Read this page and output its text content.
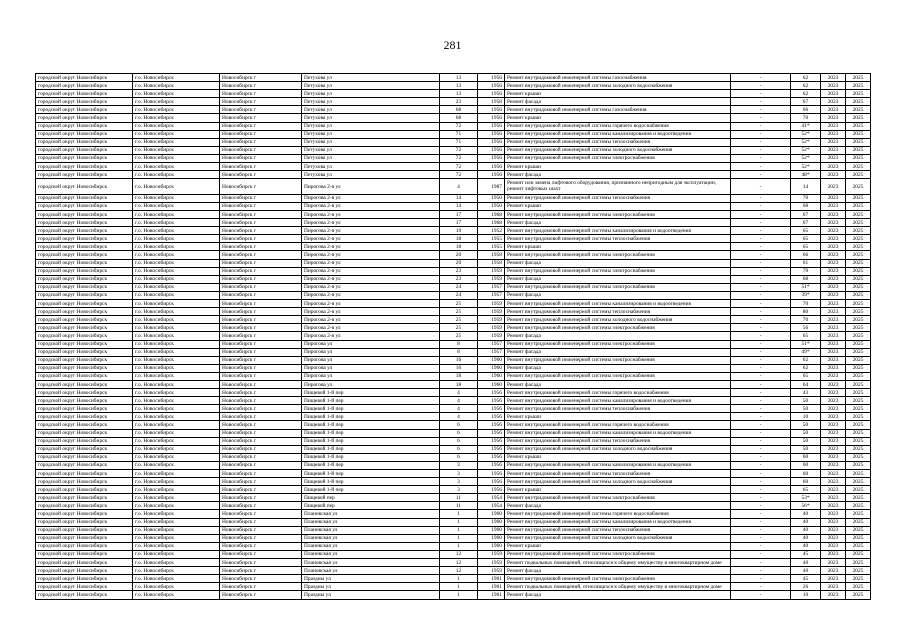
281
городской округ Новосибирск	г.о. Новосибирск	Новосибирск г	Петухова ул	13	1956	Ремонт внутридомовой инженерной системы газоснабжения	-	62	2023	2025
городской округ Новосибирск	г.о. Новосибирск	Новосибирск г	Петухова ул	13	1956	Ремонт внутридомовой инженерной системы холодного водоснабжения	-	62	2023	2025
городской округ Новосибирск	г.о. Новосибирск	Новосибирск г	Петухова ул	13	1956	Ремонт крыши	-	62	2023	2025
городской округ Новосибирск	г.о. Новосибирск	Новосибирск г	Петухова ул	23	1958	Ремонт фасада	-	67	2023	2025
городской округ Новосибирск	г.о. Новосибирск	Новосибирск г	Петухова ул	68	1956	Ремонт внутридомовой инженерной системы газоснабжения	-	66	2023	2025
городской округ Новосибирск	г.о. Новосибирск	Новосибирск г	Петухова ул	68	1956	Ремонт крыши	-	70	2023	2025
городской округ Новосибирск	г.о. Новосибирск	Новосибирск г	Петухова ул	72	1956	Ремонт внутридомовой инженерной системы горячего водоснабжения	-	41*	2023	2025
городской округ Новосибирск	г.о. Новосибирск	Новосибирск г	Петухова ул	71	1956	Ремонт внутридомовой инженерной системы канализирования и водоотведения	-	52*	2023	2025
городской округ Новосибирск	г.о. Новосибирск	Новосибирск г	Петухова ул	71	1956	Ремонт внутридомовой инженерной системы теплоснабжения	-	52*	2023	2025
городской округ Новосибирск	г.о. Новосибирск	Новосибирск г	Петухова ул	72	1956	Ремонт внутридомовой инженерной системы холодного водоснабжения	-	52*	2023	2025
городской округ Новосибирск	г.о. Новосибирск	Новосибирск г	Петухова ул	72	1956	Ремонт внутридомовой инженерной системы электроснабжения	-	52*	2023	2025
городской округ Новосибирск	г.о. Новосибирск	Новосибирск г	Петухова ул	72	1956	Ремонт крыши	-	52*	2023	2025
городской округ Новосибирск	г.о. Новосибирск	Новосибирск г	Петухова ул	72	1956	Ремонт фасада	-	48*	2023	2025
городской округ Новосибирск	г.о. Новосибирск	Новосибирск г	Пирогова 2-я ул	4	1987	Ремонт или замена лифтового оборудования, признанного непригодным для эксплуатации, ремонт лифтовых шахт	-	14	2023	2025
городской округ Новосибирск	г.о. Новосибирск	Новосибирск г	Пирогова 2-я ул	14	1950	Ремонт внутридомовой инженерной системы теплоснабжения	-	70	2023	2025
городской округ Новосибирск	г.о. Новосибирск	Новосибирск г	Пирогова 2-я ул	14	1950	Ремонт крыши	-	68	2023	2025
городской округ Новосибирск	г.о. Новосибирск	Новосибирск г	Пирогова 2-я ул	17	1968	Ремонт внутридомовой инженерной системы электроснабжения	-	67	2023	2025
городской округ Новосибирск	г.о. Новосибирск	Новосибирск г	Пирогова 2-я ул	17	1968	Ремонт фасада	-	67	2023	2025
городской округ Новосибирск	г.о. Новосибирск	Новосибирск г	Пирогова 2-я ул	19	1952	Ремонт внутридомовой инженерной системы канализирования и водоотведения	-	65	2023	2025
городской округ Новосибирск	г.о. Новосибирск	Новосибирск г	Пирогова 2-я ул	18	1955	Ремонт внутридомовой инженерной системы теплоснабжения	-	65	2023	2025
городской округ Новосибирск	г.о. Новосибирск	Новосибирск г	Пирогова 2-я ул	18	1955	Ремонт крыши	-	65	2023	2025
городской округ Новосибирск	г.о. Новосибирск	Новосибирск г	Пирогова 2-я ул	20	1958	Ремонт внутридомовой инженерной системы электроснабжения	-	66	2023	2025
городской округ Новосибирск	г.о. Новосибирск	Новосибирск г	Пирогова 2-я ул	20	1958	Ремонт фасада	-	61	2023	2025
городской округ Новосибирск	г.о. Новосибирск	Новосибирск г	Пирогова 2-я ул	23	1959	Ремонт внутридомовой инженерной системы электроснабжения	-	70	2023	2025
городской округ Новосибирск	г.о. Новосибирск	Новосибирск г	Пирогова 2-я ул	23	1959	Ремонт фасада	-	68	2023	2025
городской округ Новосибирск	г.о. Новосибирск	Новосибирск г	Пирогова 2-я ул	24	1957	Ремонт внутридомовой инженерной системы электроснабжения	-	51*	2023	2025
городской округ Новосибирск	г.о. Новосибирск	Новосибирск г	Пирогова 2-я ул	24	1957	Ремонт фасада	-	39*	2023	2025
городской округ Новосибирск	г.о. Новосибирск	Новосибирск г	Пирогова 2-я ул	25	1959	Ремонт внутридомовой инженерной системы канализирования и водоотведения	-	70	2023	2025
городской округ Новосибирск	г.о. Новосибирск	Новосибирск г	Пирогова 2-я ул	25	1959	Ремонт внутридомовой инженерной системы теплоснабжения	-	80	2023	2025
городской округ Новосибирск	г.о. Новосибирск	Новосибирск г	Пирогова 2-я ул	25	1959	Ремонт внутридомовой инженерной системы холодного водоснабжения	-	70	2023	2025
городской округ Новосибирск	г.о. Новосибирск	Новосибирск г	Пирогова 2-я ул	25	1959	Ремонт внутридомовой инженерной системы электроснабжения	-	56	2023	2025
городской округ Новосибирск	г.о. Новосибирск	Новосибирск г	Пирогова 2-я ул	25	1959	Ремонт фасада	-	65	2023	2025
городской округ Новосибирск	г.о. Новосибирск	Новосибирск г	Пирогова ул	8	1957	Ремонт внутридомовой инженерной системы электроснабжения	-	51*	2023	2025
городской округ Новосибирск	г.о. Новосибирск	Новосибирск г	Пирогова ул	8	1957	Ремонт фасада	-	49*	2023	2025
городской округ Новосибирск	г.о. Новосибирск	Новосибирск г	Пирогова ул	16	1960	Ремонт внутридомовой инженерной системы электроснабжения	-	62	2023	2025
городской округ Новосибирск	г.о. Новосибирск	Новосибирск г	Пирогова ул	16	1960	Ремонт фасада	-	62	2023	2025
городской округ Новосибирск	г.о. Новосибирск	Новосибирск г	Пирогова ул	18	1960	Ремонт внутридомовой инженерной системы электроснабжения	-	65	2023	2025
городской округ Новосибирск	г.о. Новосибирск	Новосибирск г	Пирогова ул	18	1960	Ремонт фасада	-	64	2023	2025
городской округ Новосибирск	г.о. Новосибирск	Новосибирск г	Пищевой 1-й пер	4	1956	Ремонт внутридомовой инженерной системы горячего водоснабжения	-	43	2023	2025
городской округ Новосибирск	г.о. Новосибирск	Новосибирск г	Пищевой 1-й пер	4	1956	Ремонт внутридомовой инженерной системы канализирования и водоотведения	-	50	2023	2025
городской округ Новосибирск	г.о. Новосибирск	Новосибирск г	Пищевой 1-й пер	4	1956	Ремонт внутридомовой инженерной системы теплоснабжения	-	50	2023	2025
городской округ Новосибирск	г.о. Новосибирск	Новосибирск г	Пищевой 1-й пер	4	1956	Ремонт крыши	-	10	2023	2025
городской округ Новосибирск	г.о. Новосибирск	Новосибирск г	Пищевой 1-й пер	6	1956	Ремонт внутридомовой инженерной системы горячего водоснабжения	-	50	2023	2025
городской округ Новосибирск	г.о. Новосибирск	Новосибирск г	Пищевой 1-й пер	6	1956	Ремонт внутридомовой инженерной системы канализирования и водоотведения	-	50	2023	2025
городской округ Новосибирск	г.о. Новосибирск	Новосибирск г	Пищевой 1-й пер	6	1956	Ремонт внутридомовой инженерной системы теплоснабжения	-	50	2023	2025
городской округ Новосибирск	г.о. Новосибирск	Новосибирск г	Пищевой 1-й пер	6	1956	Ремонт внутридомовой инженерной системы холодного водоснабжения	-	50	2023	2025
городской округ Новосибирск	г.о. Новосибирск	Новосибирск г	Пищевой 1-й пер	6	1956	Ремонт крыши	-	60	2023	2025
городской округ Новосибирск	г.о. Новосибирск	Новосибирск г	Пищевой 1-й пер	3	1956	Ремонт внутридомовой инженерной системы канализирования и водоотведения	-	60	2023	2025
городской округ Новосибирск	г.о. Новосибирск	Новосибирск г	Пищевой 1-й пер	3	1956	Ремонт внутридомовой инженерной системы теплоснабжения	-	60	2023	2025
городской округ Новосибирск	г.о. Новосибирск	Новосибирск г	Пищевой 1-й пер	3	1956	Ремонт внутридомовой инженерной системы холодного водоснабжения	-	60	2023	2025
городской округ Новосибирск	г.о. Новосибирск	Новосибирск г	Пищевой 1-й пер	3	1956	Ремонт крыши	-	65	2023	2025
городской округ Новосибирск	г.о. Новосибирск	Новосибирск г	Пищевой пер	11	1954	Ремонт внутридомовой инженерной системы электроснабжения	-	53*	2023	2025
городской округ Новосибирск	г.о. Новосибирск	Новосибирск г	Пищевой пер	11	1954	Ремонт фасада	-	56*	2023	2025
городской округ Новосибирск	г.о. Новосибирск	Новосибирск г	Плановская ул	1	1960	Ремонт внутридомовой инженерной системы горячего водоснабжения	-	40	2023	2025
городской округ Новосибирск	г.о. Новосибирск	Новосибирск г	Плановская ул	1	1960	Ремонт внутридомовой инженерной системы канализирования и водоотведения	-	40	2023	2025
городской округ Новосибирск	г.о. Новосибирск	Новосибирск г	Плановская ул	1	1960	Ремонт внутридомовой инженерной системы теплоснабжения	-	40	2023	2025
городской округ Новосибирск	г.о. Новосибирск	Новосибирск г	Плановская ул	1	1960	Ремонт внутридомовой инженерной системы холодного водоснабжения	-	40	2023	2025
городской округ Новосибирск	г.о. Новосибирск	Новосибирск г	Плановская ул	1	1960	Ремонт крыши	-	40	2023	2025
городской округ Новосибирск	г.о. Новосибирск	Новосибирск г	Плановская ул	12	1959	Ремонт внутридомовой инженерной системы электроснабжения	-	45	2023	2025
городской округ Новосибирск	г.о. Новосибирск	Новосибирск г	Плановская ул	12	1959	Ремонт подвальных помещений, относящихся к общему имуществу в многоквартирном доме	-	40	2023	2025
городской округ Новосибирск	г.о. Новосибирск	Новосибирск г	Плановская ул	12	1959	Ремонт фасада	-	40	2023	2025
городской округ Новосибирск	г.о. Новосибирск	Новосибирск г	Праздны ул	1	1961	Ремонт внутридомовой инженерной системы электроснабжения	-	45	2023	2025
городской округ Новосибирск	г.о. Новосибирск	Новосибирск г	Праздны ул	1	1961	Ремонт подвальных помещений, относящихся к общему имуществу в многоквартирном доме	-	26	2023	2025
городской округ Новосибирск	г.о. Новосибирск	Новосибирск г	Праздны ул	1	1961	Ремонт фасада	-	10	2023	2025
